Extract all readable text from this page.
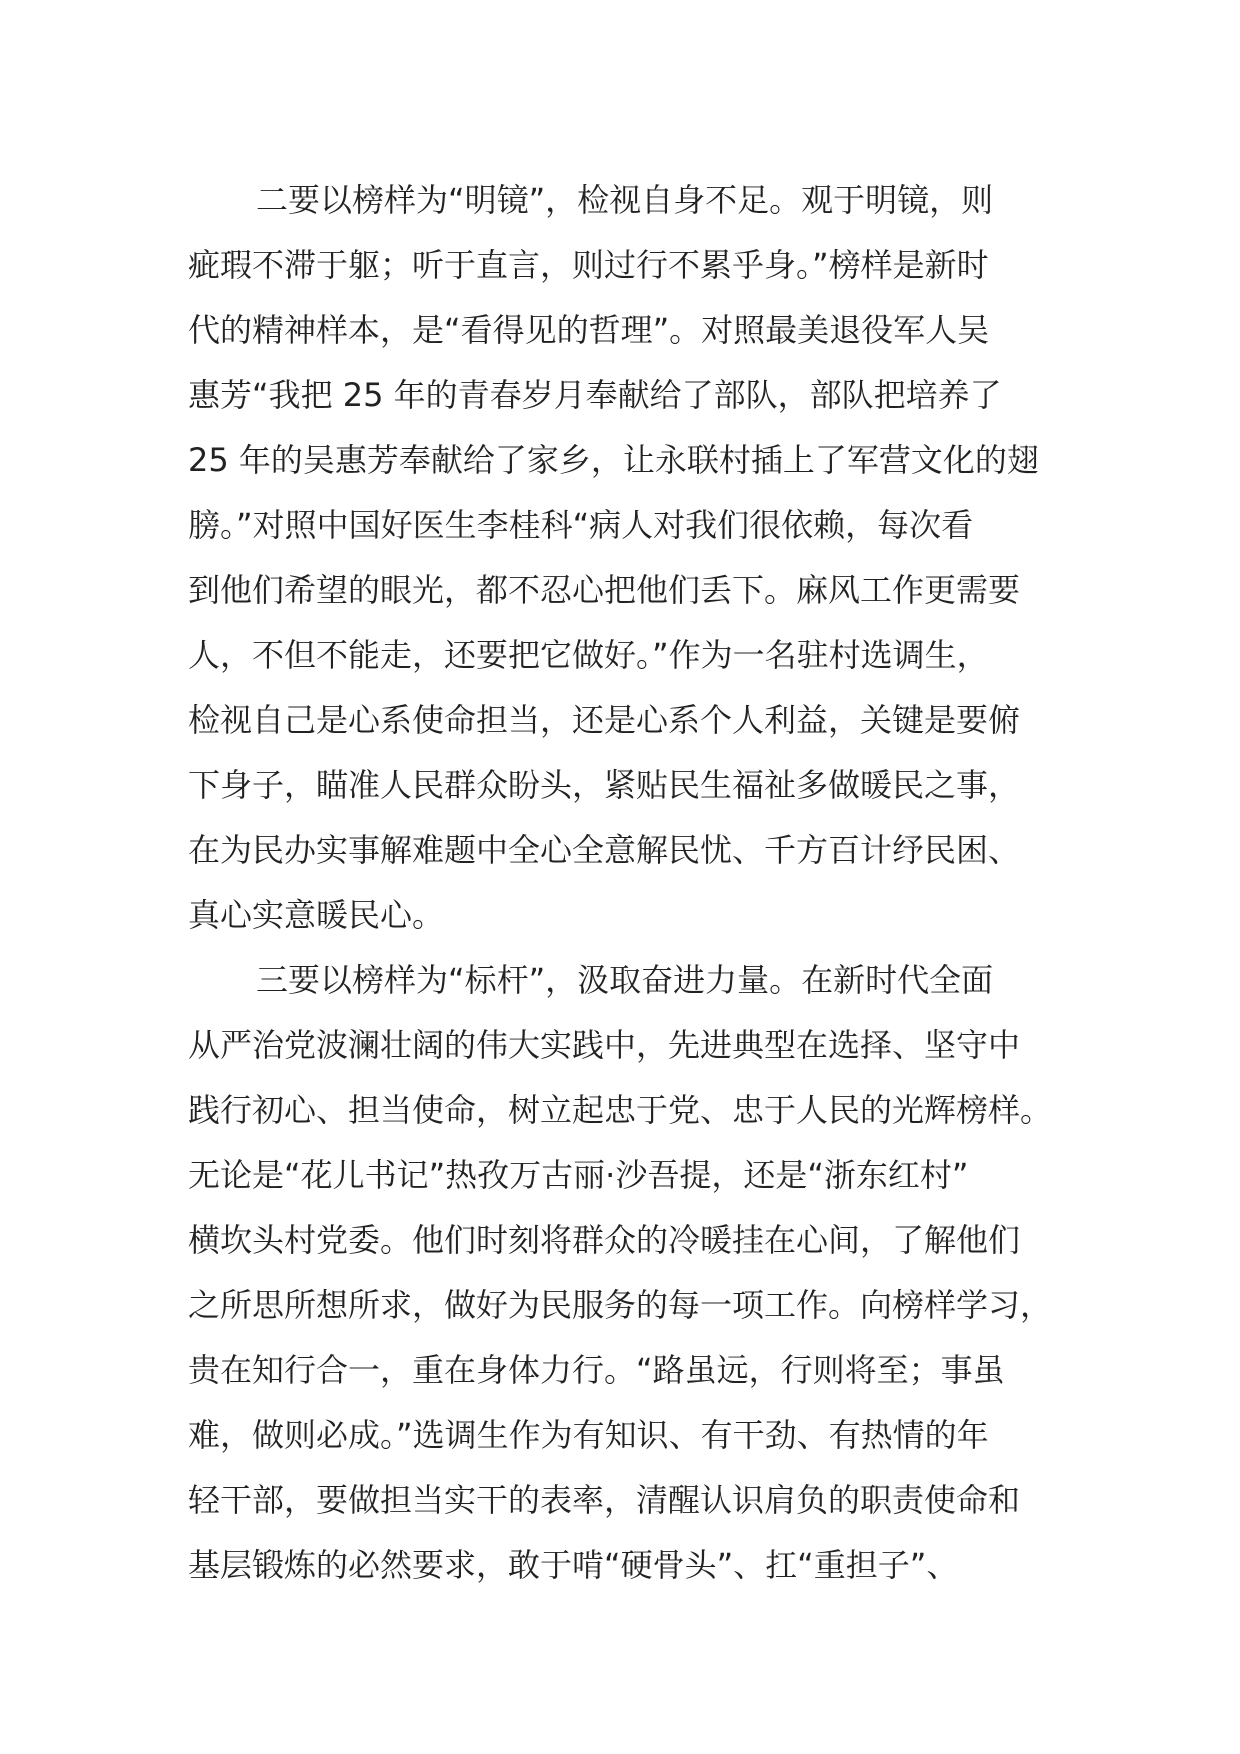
二要以榜样为“明镜”，检视自身不足。观于明镜，则
疵瑕不滞于躯；听于直言，则过行不累乎身。”榜样是新时
代的精神样本，是“看得见的哲理”。对照最美退役军人吴
惠芳“我把 25 年的青春岁月奉献给了部队，部队把培养了
25 年的吴惠芳奉献给了家乡，让永联村插上了军营文化的翅
膀。”对照中国好医生李桂科“病人对我们很依赖，每次看
到他们希望的眼光，都不忍心把他们丢下。麻风工作更需要
人，不但不能走，还要把它做好。”作为一名驻村选调生，
检视自己是心系使命担当，还是心系个人利益，关键是要俯
下身子，瞄准人民群众盼头，紧贴民生福祉多做暖民之事，
在为民办实事解难题中全心全意解民忧、千方百计纾民困、
真心实意暖民心。
三要以榜样为“标杆”，汲取奋进力量。在新时代全面
从严治党波澜壮阔的伟大实践中，先进典型在选择、坚守中
践行初心、担当使命，树立起忠于党、忠于人民的光辉榜样。
无论是“花儿书记”热孜万古丽·沙吾提，还是“浙东红村”
横坎头村党委。他们时刻将群众的冷暖挂在心间，了解他们
之所思所想所求，做好为民服务的每一项工作。向榜样学习，
贵在知行合一，重在身体力行。“路虽远，行则将至；事虽
难，做则必成。”选调生作为有知识、有干劲、有热情的年
轻干部，要做担当实干的表率，清醒认识肩负的职责使命和
基层锻炼的必然要求，敢于啃“硬骨头”、扛“重担子”、
